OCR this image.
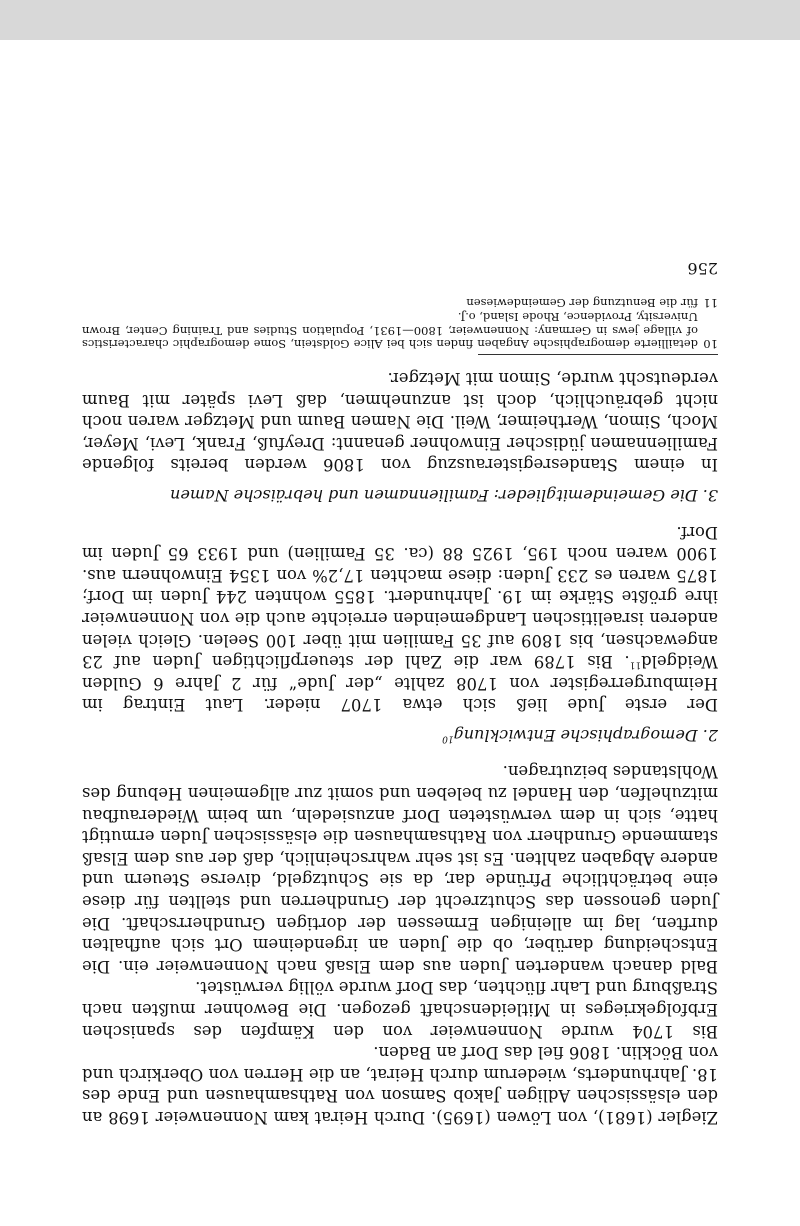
Ziegler (1681), von Löwen (1695). Durch Heirat kam Nonnenweier 1698 an den elsässischen Adligen Jakob Samson von Rathsamhausen und Ende des 18. Jahrhunderts, wiederum durch Heirat, an die Herren von Oberkirch und von Böcklin. 1806 fiel das Dorf an Baden.

Bis 1704 wurde Nonnenweier von den Kämpfen des spanischen Erbfolgekrieges in Mitleidenschaft gezogen. Die Bewohner mußten nach Straßburg und Lahr flüchten, das Dorf wurde völlig verwüstet.

Bald danach wanderten Juden aus dem Elsaß nach Nonnenweier ein. Die Entscheidung darüber, ob die Juden an irgendeinem Ort sich aufhalten durften, lag im alleinigen Ermessen der dortigen Grundherrschaft. Die Juden genossen das Schutzrecht der Grundherren und stellten für diese eine beträchtliche Pfründe dar, da sie Schutzgeld, diverse Steuern und andere Abgaben zahlten. Es ist sehr wahrscheinlich, daß der aus dem Elsaß stammende Grundherr von Rathsamhausen die elsässischen Juden ermutigt hatte, sich in dem verwüsteten Dorf anzusiedeln, um beim Wiederaufbau mitzuhelfen, den Handel zu beleben und somit zur allgemeinen Hebung des Wohlstandes beizutragen.

2. Demographische Entwicklung$^{10}$

Der erste Jude ließ sich etwa 1707 nieder. Laut Eintrag im Heimburgerregister von 1708 zahlte „der Jude“ für 2 Jahre 6 Gulden Weidgeld$^{11}$. Bis 1789 war die Zahl der steuerpflichtigen Juden auf 23 angewachsen, bis 1809 auf 35 Familien mit über 100 Seelen. Gleich vielen anderen israelitischen Landgemeinden erreichte auch die von Nonnenweier ihre größte Stärke im 19. Jahrhundert. 1855 wohnten 244 Juden im Dorf; 1875 waren es 233 Juden: diese machten 17,2% von 1354 Einwohnern aus. 1900 waren noch 195, 1925 88 (ca. 35 Familien) und 1933 65 Juden im Dorf.

3. Die Gemeindemitglieder: Familiennamen und hebräische Namen

In einem Standesregisterauszug von 1806 werden bereits folgende Familiennamen jüdischer Einwohner genannt: Dreyfuß, Frank, Levi, Meyer, Moch, Simon, Wertheimer, Weil. Die Namen Baum und Metzger waren noch nicht gebräuchlich, doch ist anzunehmen, daß Levi später mit Baum verdeutscht wurde, Simon mit Metzger.

10
detaillierte demographische Angaben finden sich bei Alice Goldstein, Some demographic characteristics of village jews in Germany: Nonnenweier, 1800—1931, Population Studies and Training Center, Brown University, Providence, Rhode Island, o.J.
11
für die Benutzung der Gemeindewiesen
256
